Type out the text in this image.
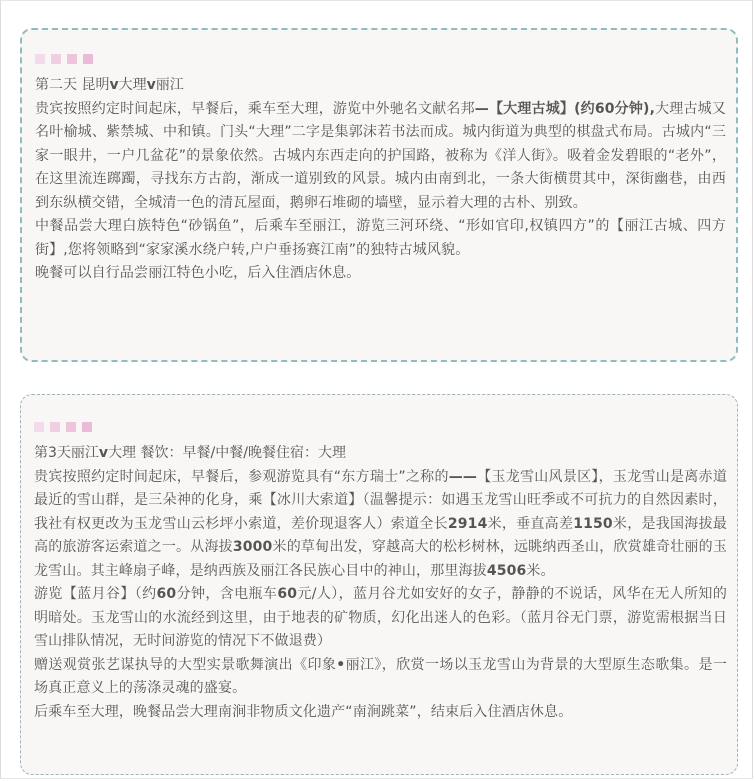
第二天 昆明v大理v丽江

贵宾按照约定时间起床，早餐后，乘车至大理，游览中外驰名文献名邦—【大理古城】(约60分钟),大理古城又名叶榆城、紫禁城、中和镇。门头“大理”二字是集郭沫若书法而成。城内街道为典型的棋盘式布局。古城内“三家一眼井，一户几盆花”的景象依然。古城内东西走向的护国路，被称为《洋人街》。吸着金发碧眼的“老外”，在这里流连踯躅，寻找东方古韵，渐成一道别致的风景。城内由南到北，一条大街横贯其中，深街幽巷，由西到东纵横交错，全城清一色的清瓦屋面，鹅卵石堆砌的墙壁，显示着大理的古朴、别致。

中餐品尝大理白族特色“砂锅鱼”，后乘车至丽江，游览三河环绕、“形如官印,权镇四方”的【丽江古城、四方街】,您将领略到“家家溪水绕户转,户户垂扬赛江南”的独特古城风貌。

晚餐可以自行品尝丽江特色小吃，后入住酒店休息。

第3天丽江v大理 餐饮：早餐/中餐/晚餐住宿：大理

贵宾按照约定时间起床，早餐后，参观游览具有“东方瑞士”之称的——【玉龙雪山风景区】，玉龙雪山是离赤道最近的雪山群，是三朵神的化身，乘【冰川大索道】（温馨提示：如遇玉龙雪山旺季或不可抗力的自然因素时，我社有权更改为玉龙雪山云杉坪小索道，差价现退客人）索道全长2914米，垂直高差1150米，是我国海拔最高的旅游客运索道之一。从海拔3000米的草甸出发，穿越高大的松杉树林，远眺纳西圣山，欣赏雄奇壮丽的玉龙雪山。其主峰扇子峰，是纳西族及丽江各民族心目中的神山，那里海拔4506米。

游览【蓝月谷】（约60分钟，含电瓶车60元/人），蓝月谷尤如安好的女子，静静的不说话，风华在无人所知的明暗处。玉龙雪山的水流经到这里，由于地表的矿物质，幻化出迷人的色彩。（蓝月谷无门票，游览需根据当日雪山排队情况，无时间游览的情况下不做退费）

赠送观赏张艺谋执导的大型实景歌舞演出《印象•丽江》，欣赏一场以玉龙雪山为背景的大型原生态歌集。是一场真正意义上的荡涤灵魂的盛宴。

后乘车至大理，晚餐品尝大理南涧非物质文化遗产“南涧跳菜”，结束后入住酒店休息。
